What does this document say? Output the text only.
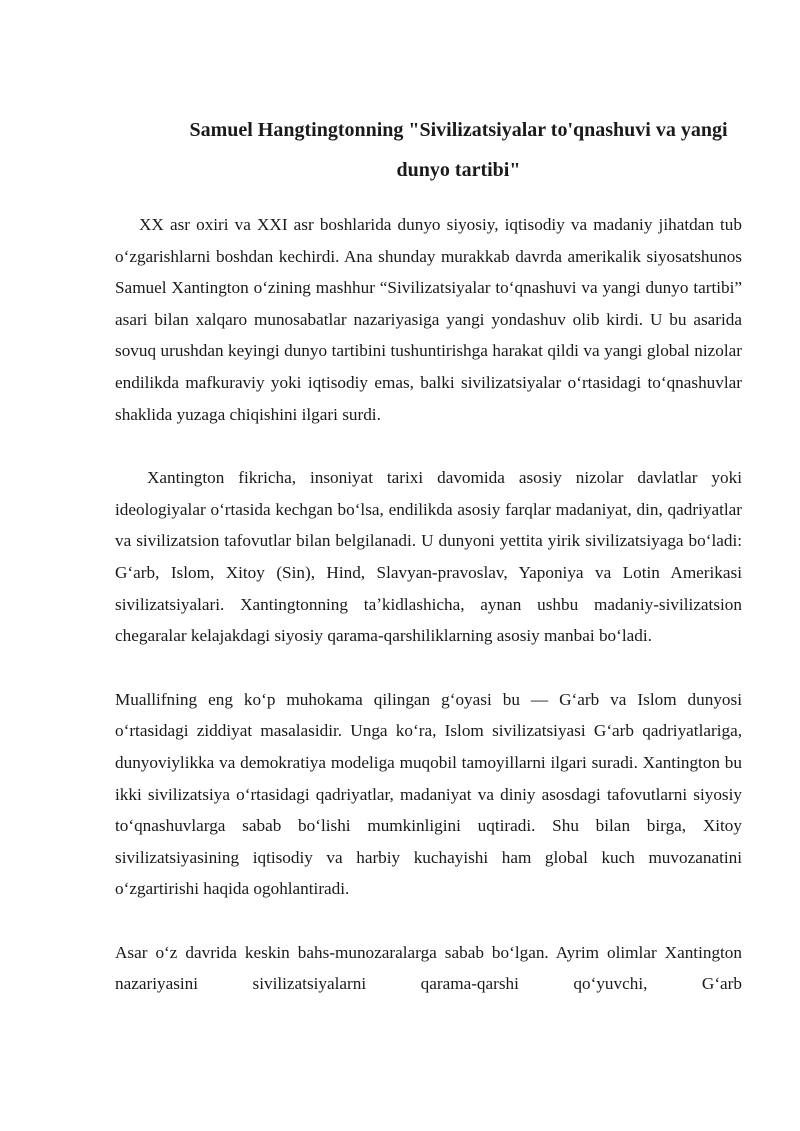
Samuel Hangtingtonning "Sivilizatsiyalar to'qnashuvi va yangi
dunyo tartibi"

XX asr oxiri va XXI asr boshlarida dunyo siyosiy, iqtisodiy va madaniy jihatdan tub oʻzgarishlarni boshdan kechirdi. Ana shunday murakkab davrda amerikalik siyosatshunos Samuel Xantington oʻzining mashhur “Sivilizatsiyalar toʻqnashuvi va yangi dunyo tartibi” asari bilan xalqaro munosabatlar nazariyasiga yangi yondashuv olib kirdi. U bu asarida sovuq urushdan keyingi dunyo tartibini tushuntirishga harakat qildi va yangi global nizolar endilikda mafkuraviy yoki iqtisodiy emas, balki sivilizatsiyalar oʻrtasidagi toʻqnashuvlar shaklida yuzaga chiqishini ilgari surdi.

Xantington fikricha, insoniyat tarixi davomida asosiy nizolar davlatlar yoki ideologiyalar oʻrtasida kechgan boʻlsa, endilikda asosiy farqlar madaniyat, din, qadriyatlar va sivilizatsion tafovutlar bilan belgilanadi. U dunyoni yettita yirik sivilizatsiyaga boʻladi: Gʻarb, Islom, Xitoy (Sin), Hind, Slavyan-pravoslav, Yaponiya va Lotin Amerikasi sivilizatsiyalari. Xantingtonning taʼkidlashicha, aynan ushbu madaniy-sivilizatsion chegaralar kelajakdagi siyosiy qarama-qarshiliklarning asosiy manbai boʻladi.

Muallifning eng koʻp muhokama qilingan gʻoyasi bu — Gʻarb va Islom dunyosi oʻrtasidagi ziddiyat masalasidir. Unga koʻra, Islom sivilizatsiyasi Gʻarb qadriyatlariga, dunyoviylikka va demokratiya modeliga muqobil tamoyillarni ilgari suradi. Xantington bu ikki sivilizatsiya oʻrtasidagi qadriyatlar, madaniyat va diniy asosdagi tafovutlarni siyosiy toʻqnashuvlarga sabab boʻlishi mumkinligini uqtiradi. Shu bilan birga, Xitoy sivilizatsiyasining iqtisodiy va harbiy kuchayishi ham global kuch muvozanatini oʻzgartirishi haqida ogohlantiradi.

Asar oʻz davrida keskin bahs-munozaralarga sabab boʻlgan. Ayrim olimlar Xantington nazariyasini sivilizatsiyalarni qarama-qarshi qoʻyuvchi, Gʻarb
